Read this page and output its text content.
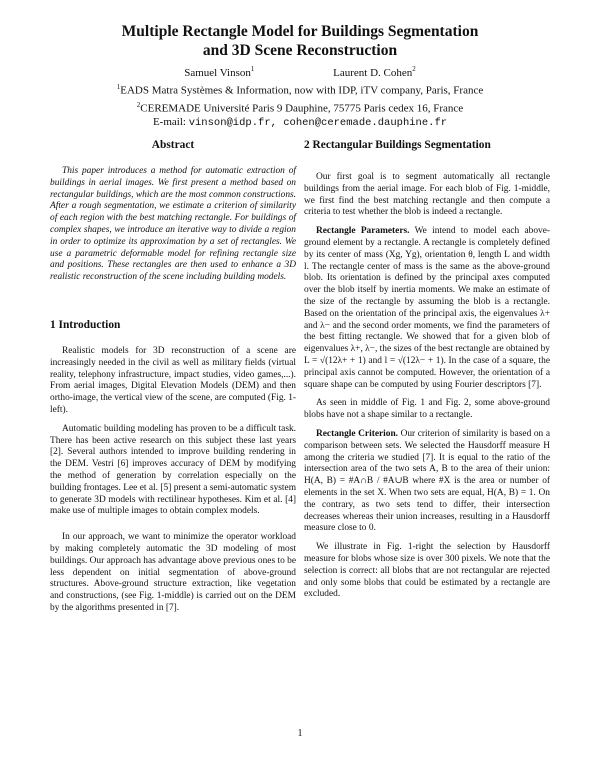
Multiple Rectangle Model for Buildings Segmentation
and 3D Scene Reconstruction
Samuel Vinson$^1$	Laurent D. Cohen$^2$
$^1$EADS Matra Systèmes & Information, now with IDP, iTV company, Paris, France
$^2$CEREMADE Université Paris 9 Dauphine, 75775 Paris cedex 16, France
E-mail: vinson@idp.fr, cohen@ceremade.dauphine.fr
Abstract

This paper introduces a method for automatic extraction of buildings in aerial images. We first present a method based on rectangular buildings, which are the most common constructions. After a rough segmentation, we estimate a criterion of similarity of each region with the best matching rectangle. For buildings of complex shapes, we introduce an iterative way to divide a region in order to optimize its approximation by a set of rectangles. We use a parametric deformable model for refining rectangle size and positions. These rectangles are then used to enhance a 3D realistic reconstruction of the scene including building models.

1 Introduction

Realistic models for 3D reconstruction of a scene are increasingly needed in the civil as well as military fields (virtual reality, telephony infrastructure, impact studies, video games,...). From aerial images, Digital Elevation Models (DEM) and then ortho-image, the vertical view of the scene, are computed (Fig. 1-left).

Automatic building modeling has proven to be a difficult task. There has been active research on this subject these last years [2]. Several authors intended to improve building rendering in the DEM. Vestri [6] improves accuracy of DEM by modifying the method of generation by correlation especially on the building frontages. Lee et al. [5] present a semi-automatic system to generate 3D models with rectilinear hypotheses. Kim et al. [4] make use of multiple images to obtain complex models.

In our approach, we want to minimize the operator workload by making completely automatic the 3D modeling of most buildings. Our approach has advantage above previous ones to be less dependent on initial segmentation of above-ground structures. Above-ground structure extraction, like vegetation and constructions, (see Fig. 1-middle) is carried out on the DEM by the algorithms presented in [7].

2 Rectangular Buildings Segmentation

Our first goal is to segment automatically all rectangle buildings from the aerial image. For each blob of Fig. 1-middle, we first find the best matching rectangle and then compute a criteria to test whether the blob is indeed a rectangle.

Rectangle Parameters. We intend to model each above-ground element by a rectangle. A rectangle is completely defined by its center of mass (Xg, Yg), orientation θ, length L and width l. The rectangle center of mass is the same as the above-ground blob. Its orientation is defined by the principal axes computed over the blob itself by inertia moments. We make an estimate of the size of the rectangle by assuming the blob is a rectangle. Based on the orientation of the principal axis, the eigenvalues λ+ and λ− and the second order moments, we find the parameters of the best fitting rectangle. We showed that for a given blob of eigenvalues λ+, λ−, the sizes of the best rectangle are obtained by L = √(12λ+ + 1) and l = √(12λ− + 1). In the case of a square, the principal axis cannot be computed. However, the orientation of a square shape can be computed by using Fourier descriptors [7].

As seen in middle of Fig. 1 and Fig. 2, some above-ground blobs have not a shape similar to a rectangle.

Rectangle Criterion. Our criterion of similarity is based on a comparison between sets. We selected the Hausdorff measure H among the criteria we studied [7]. It is equal to the ratio of the intersection area of the two sets A, B to the area of their union: H(A, B) = #A∩B / #A∪B where #X is the area or number of elements in the set X. When two sets are equal, H(A, B) = 1. On the contrary, as two sets tend to differ, their intersection decreases whereas their union increases, resulting in a Hausdorff measure close to 0.

We illustrate in Fig. 1-right the selection by Hausdorff measure for blobs whose size is over 300 pixels. We note that the selection is correct: all blobs that are not rectangular are rejected and only some blobs that could be estimated by a rectangle are excluded.

1
